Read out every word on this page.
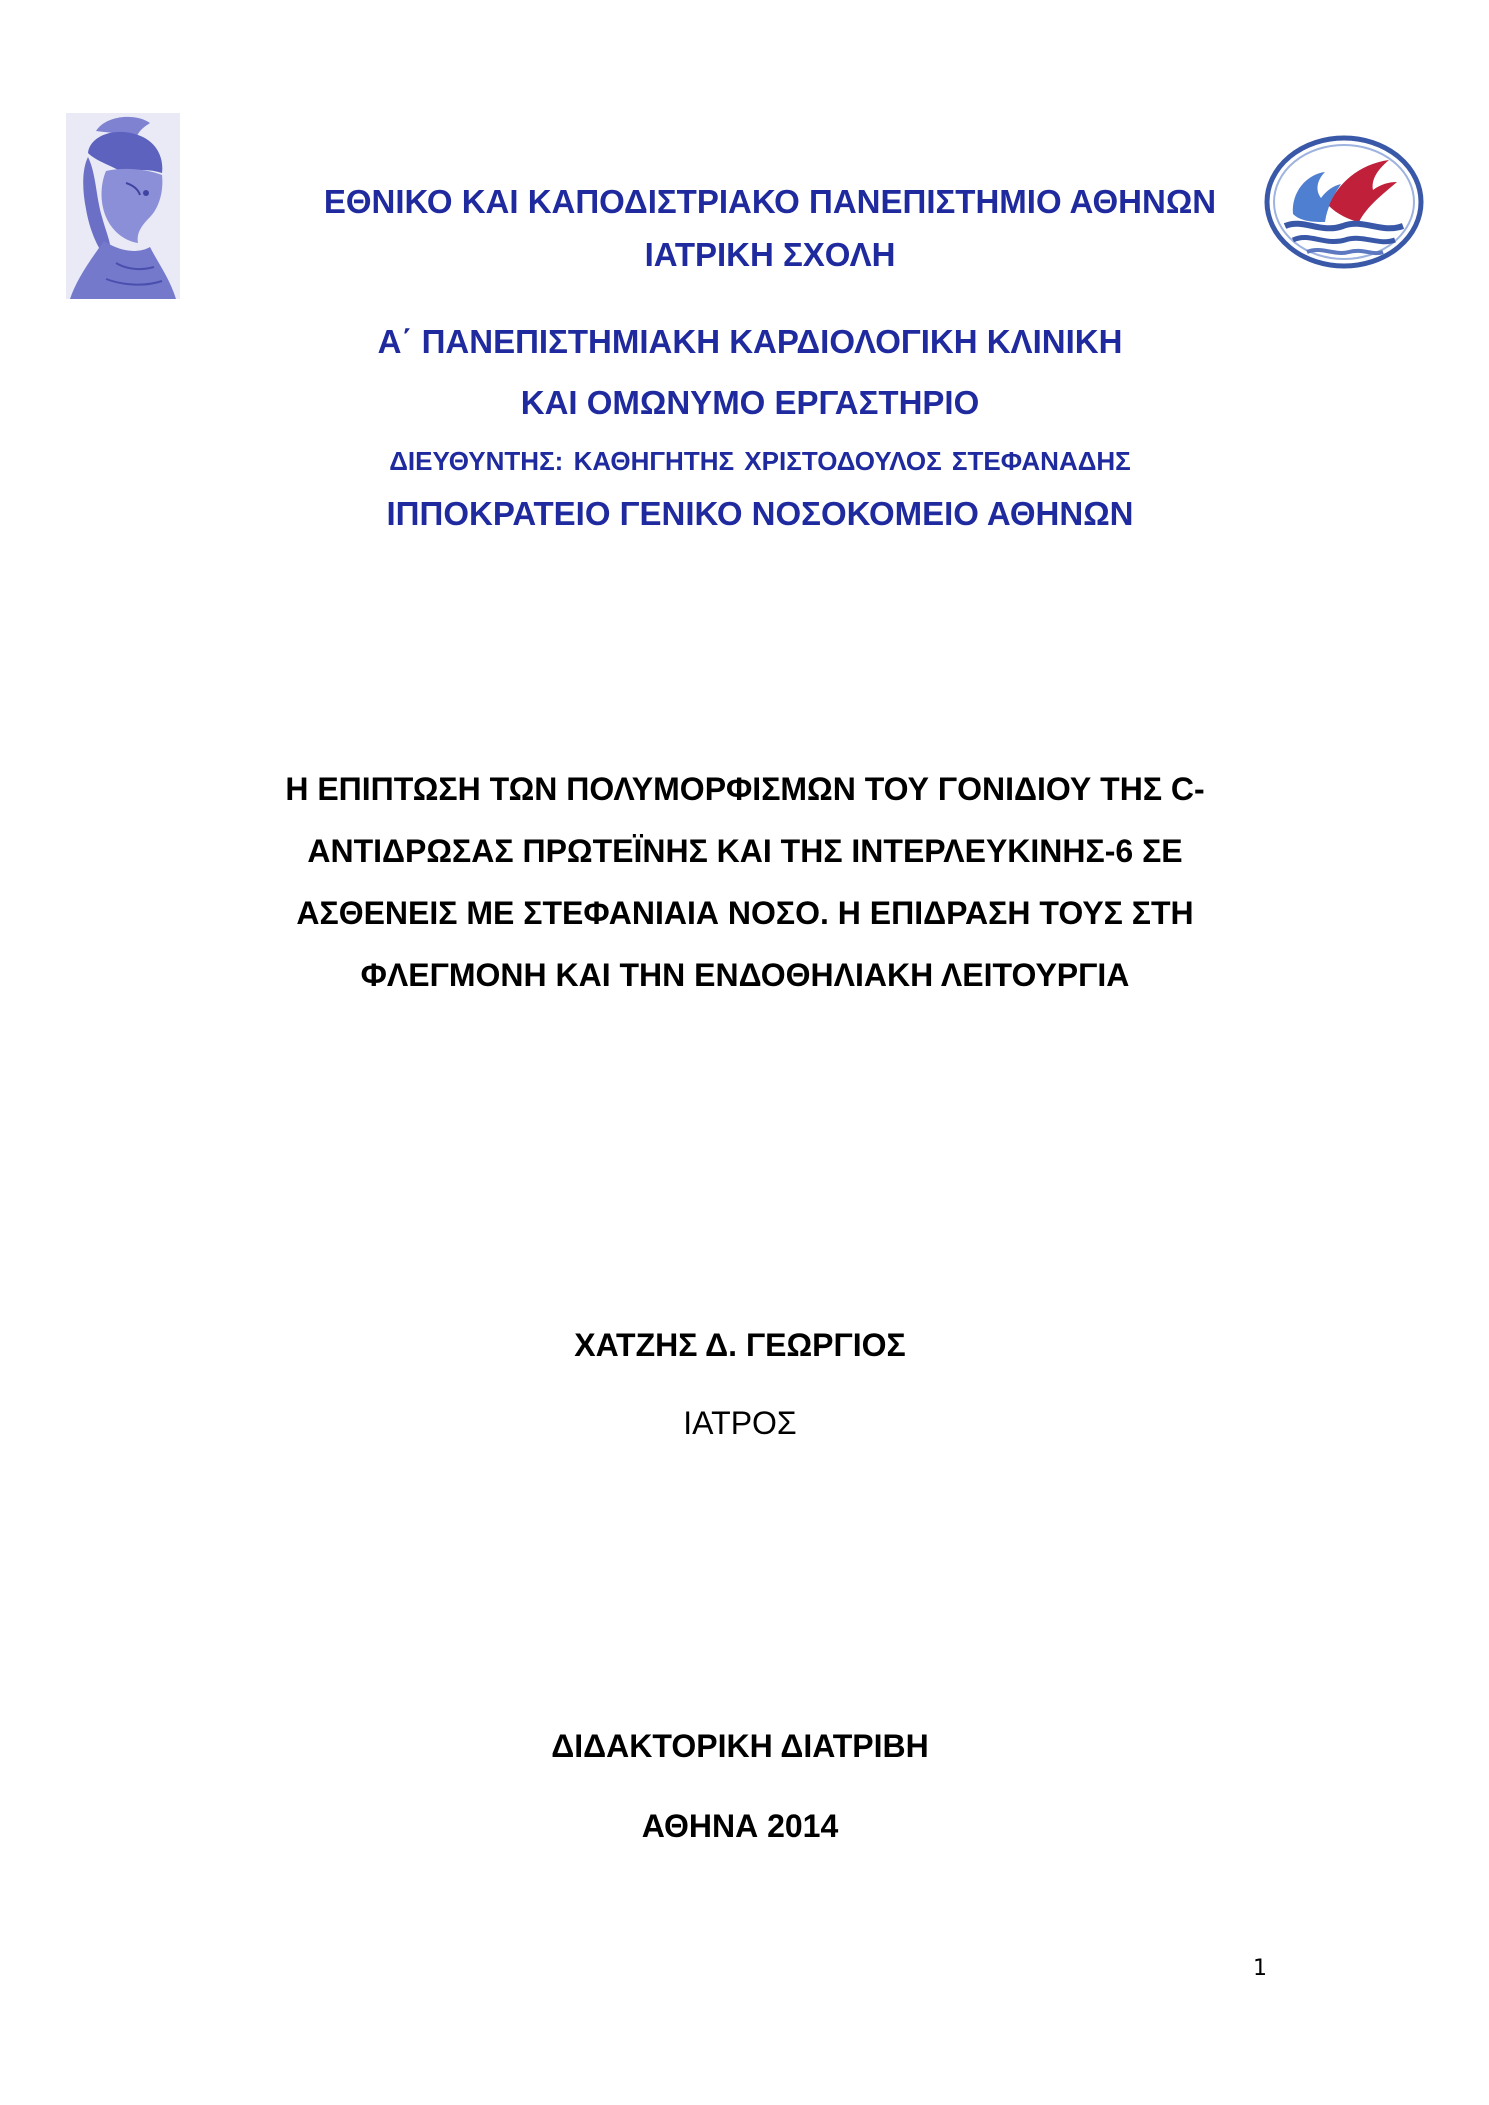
ΕΘΝΙΚΟ ΚΑΙ ΚΑΠΟΔΙΣΤΡΙΑΚΟ ΠΑΝΕΠΙΣΤΗΜΙΟ ΑΘΗΝΩΝ
ΙΑΤΡΙΚΗ ΣΧΟΛΗ
Α΄ ΠΑΝΕΠΙΣΤΗΜΙΑΚΗ ΚΑΡΔΙΟΛΟΓΙΚΗ ΚΛΙΝΙΚΗ
ΚΑΙ ΟΜΩΝΥΜΟ ΕΡΓΑΣΤΗΡΙΟ
ΔΙΕΥΘΥΝΤΗΣ: ΚΑΘΗΓΗΤΗΣ ΧΡΙΣΤΟΔΟΥΛΟΣ ΣΤΕΦΑΝΑΔΗΣ
ΙΠΠΟΚΡΑΤΕΙΟ ΓΕΝΙΚΟ ΝΟΣΟΚΟΜΕΙΟ ΑΘΗΝΩΝ
Η ΕΠΙΠΤΩΣΗ ΤΩΝ ΠΟΛΥΜΟΡΦΙΣΜΩΝ ΤΟΥ ΓΟΝΙΔΙΟΥ ΤΗΣ C-
ΑΝΤΙΔΡΩΣΑΣ ΠΡΩΤΕΪΝΗΣ ΚΑΙ ΤΗΣ ΙΝΤΕΡΛΕΥΚΙΝΗΣ-6 ΣΕ
ΑΣΘΕΝΕΙΣ ΜΕ ΣΤΕΦΑΝΙΑΙΑ ΝΟΣΟ. Η ΕΠΙΔΡΑΣΗ ΤΟΥΣ ΣΤΗ
ΦΛΕΓΜΟΝΗ ΚΑΙ ΤΗΝ ΕΝΔΟΘΗΛΙΑΚΗ ΛΕΙΤΟΥΡΓΙΑ
ΧΑΤΖΗΣ Δ. ΓΕΩΡΓΙΟΣ
ΙΑΤΡΟΣ
ΔΙΔΑΚΤΟΡΙΚΗ ΔΙΑΤΡΙΒΗ
ΑΘΗΝΑ 2014
1
